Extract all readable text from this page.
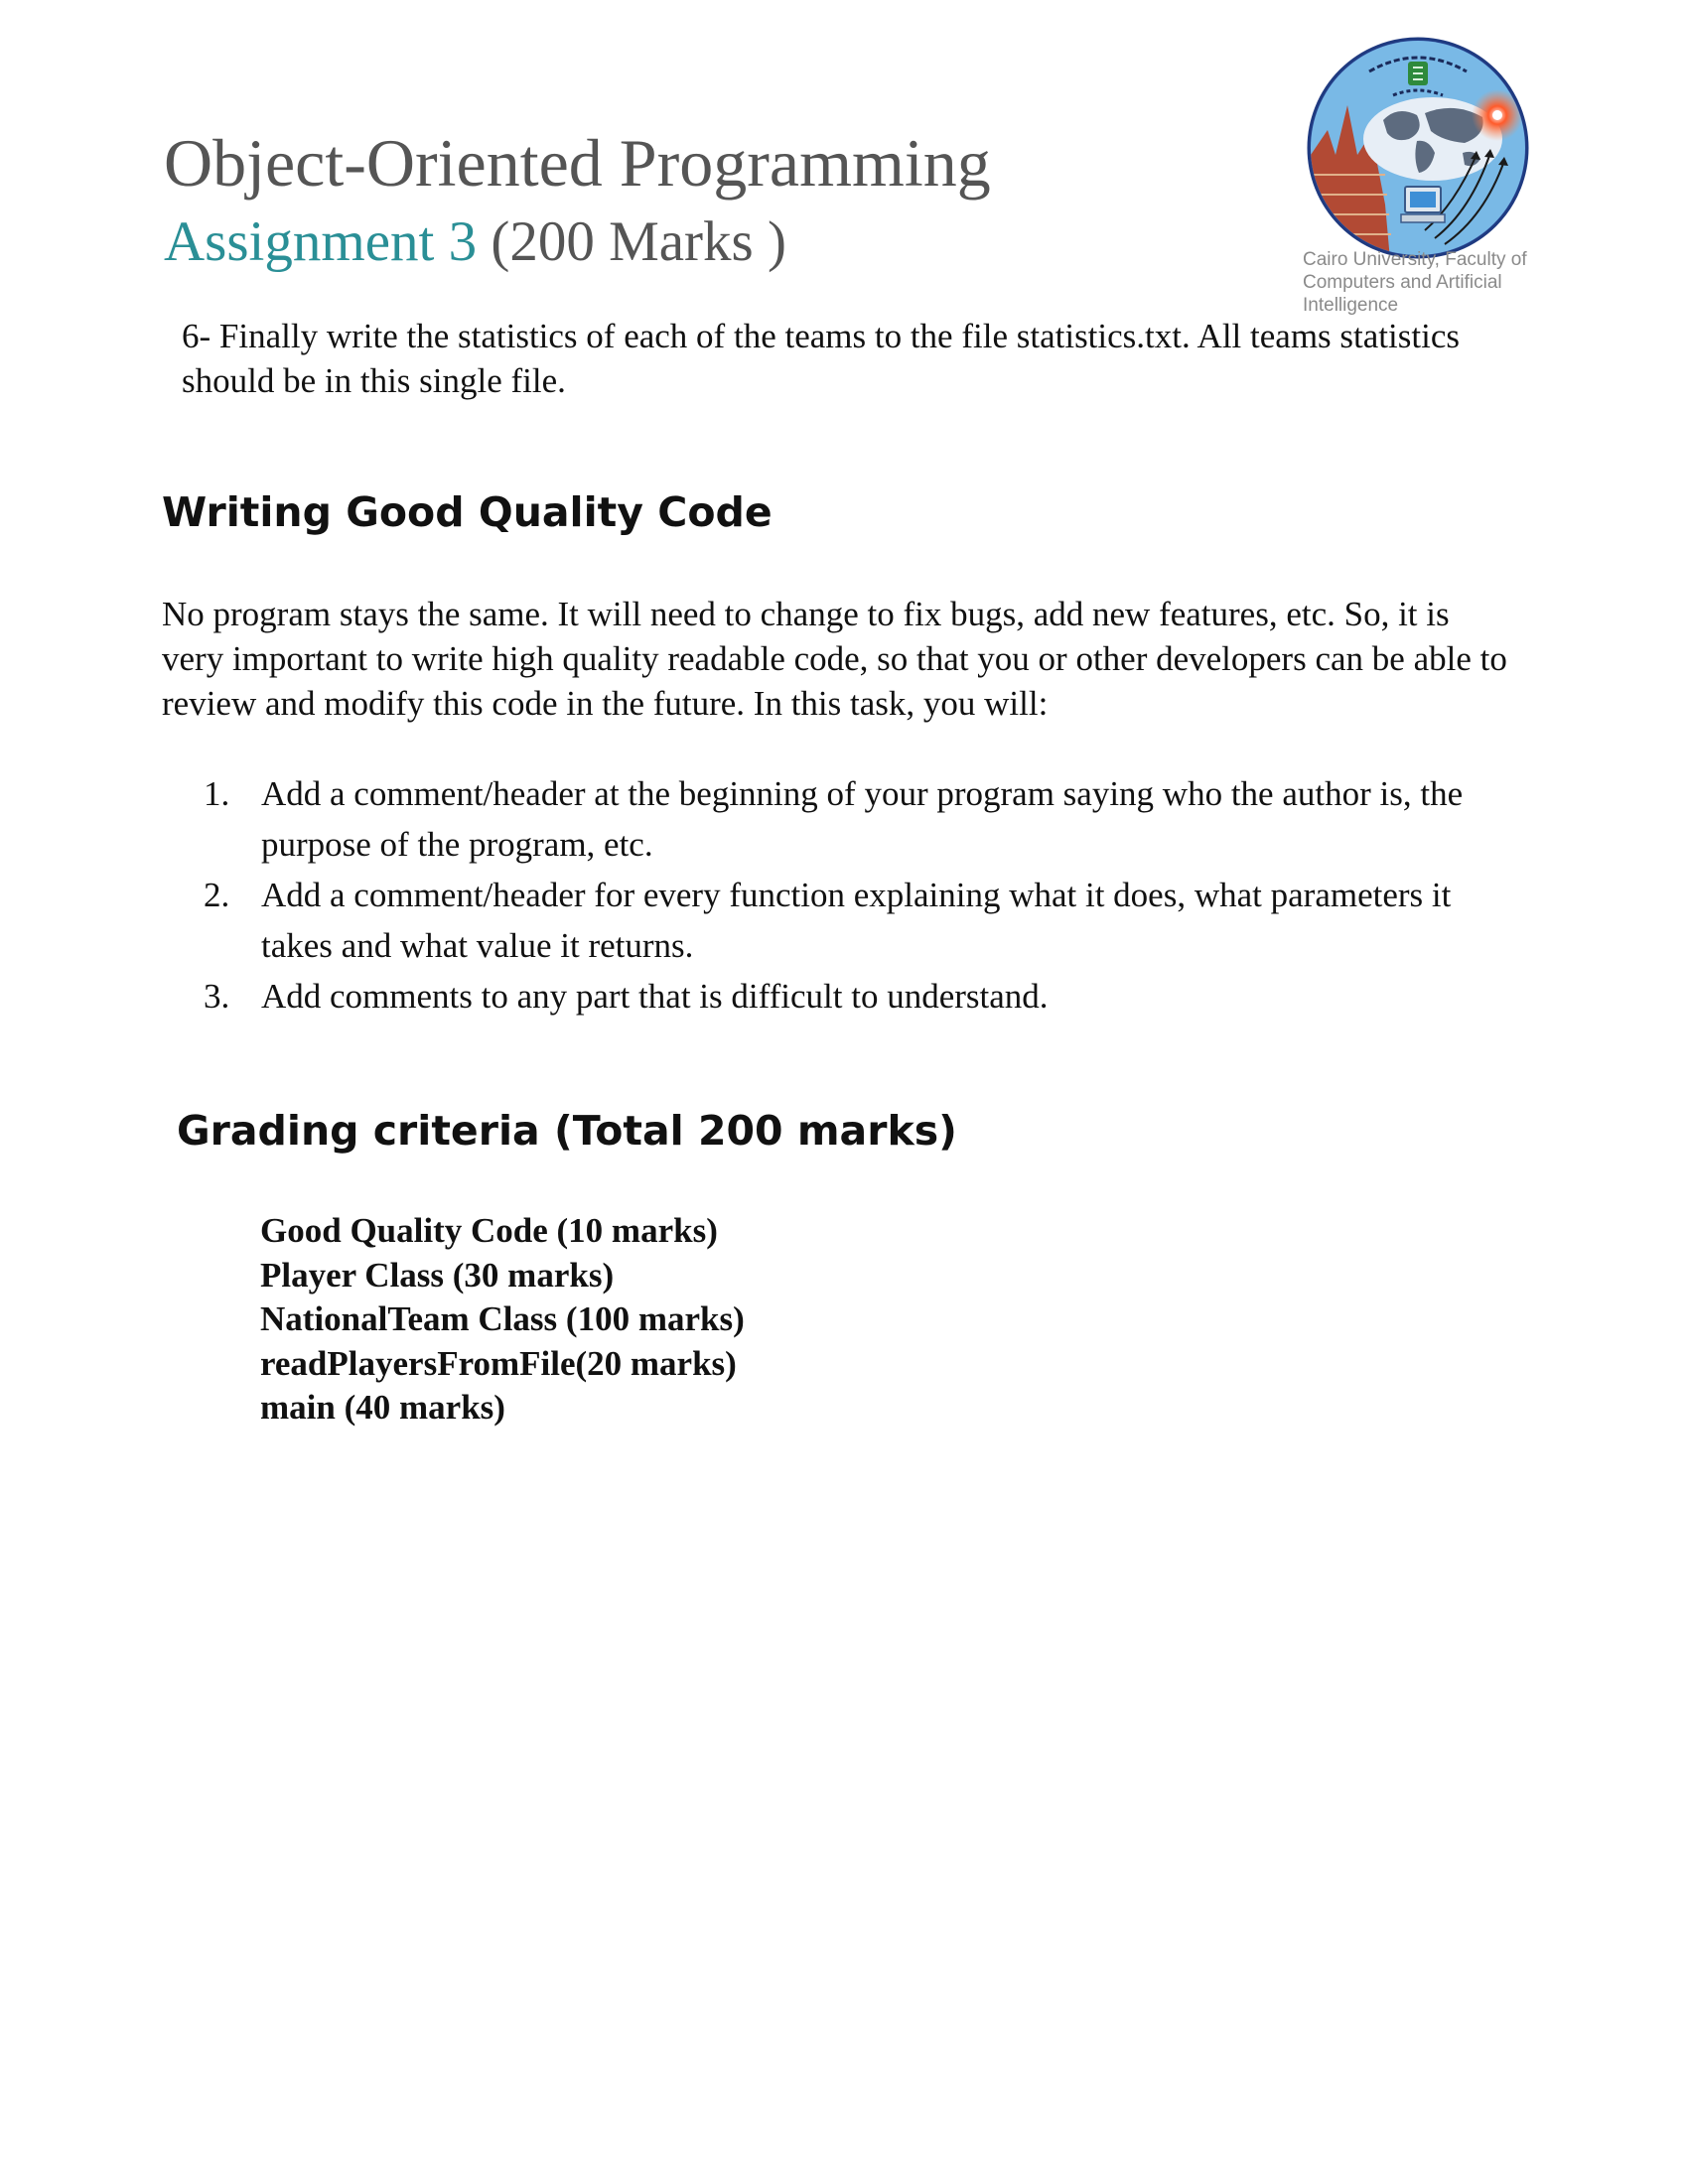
Object-Oriented Programming
Assignment 3 (200 Marks )	Cairo University, Faculty of
Computers and Artificial Intelligence
6- Finally write the statistics of each of the teams to the file statistics.txt. All teams statistics should be in this single file.
Writing Good Quality Code
No program stays the same. It will need to change to fix bugs, add new features, etc. So, it is very important to write high quality readable code, so that you or other developers can be able to review and modify this code in the future. In this task, you will:
1. Add a comment/header at the beginning of your program saying who the author is, the purpose of the program, etc.
2. Add a comment/header for every function explaining what it does, what parameters it takes and what value it returns.
3. Add comments to any part that is difficult to understand.
Grading criteria (Total 200 marks)
Good Quality Code (10 marks)
Player Class (30 marks)
NationalTeam Class (100 marks)
readPlayersFromFile(20 marks)
main (40 marks)
